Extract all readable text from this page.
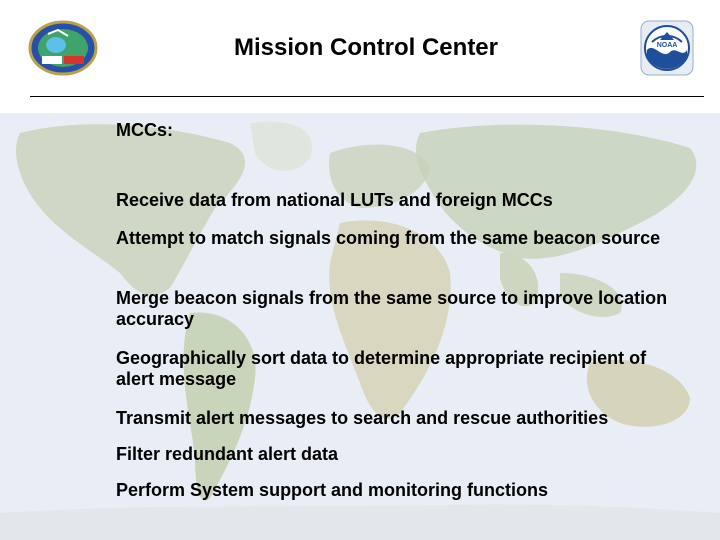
Mission Control Center	NOAA

MCCs:

Receive data from national LUTs and foreign MCCs
Attempt to match signals coming from the same beacon source
Merge beacon signals from the same source to improve location accuracy
Geographically sort data to determine appropriate recipient of alert message
Transmit alert messages to search and rescue authorities
Filter redundant alert data
Perform System support and monitoring functions
